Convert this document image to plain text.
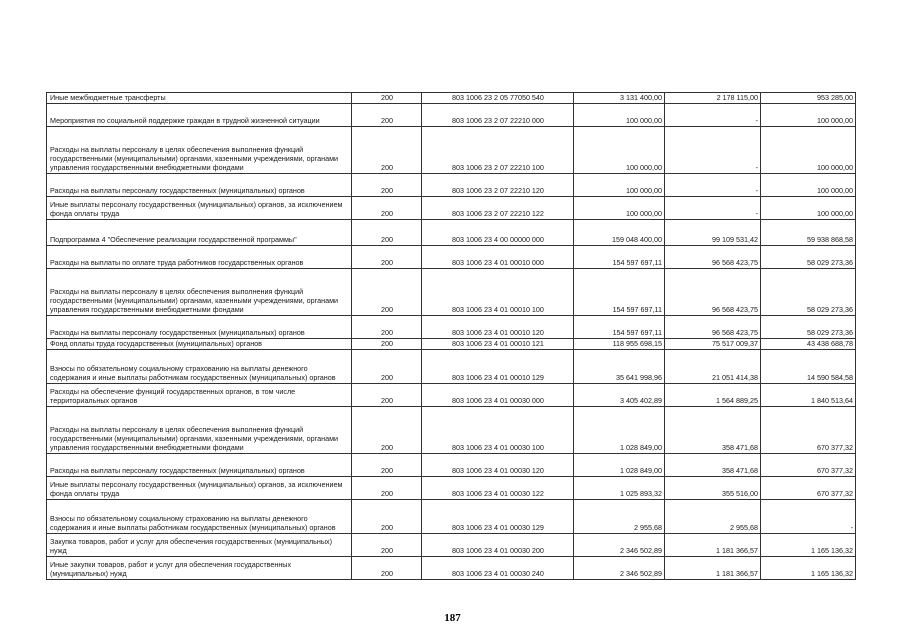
Иные межбюджетные трансферты	200	803 1006 23 2 05 77050 540	3 131 400,00	2 178 115,00	953 285,00
Мероприятия по социальной поддержке граждан в трудной жизненной ситуации	200	803 1006 23 2 07 22210 000	100 000,00	-	100 000,00
Расходы на выплаты персоналу в целях обеспечения выполнения функций государственными (муниципальными) органами, казенными учреждениями, органами управления государственными внебюджетными фондами	200	803 1006 23 2 07 22210 100	100 000,00	-	100 000,00
Расходы на выплаты персоналу государственных (муниципальных) органов	200	803 1006 23 2 07 22210 120	100 000,00	-	100 000,00
Иные выплаты персоналу государственных (муниципальных) органов, за исключением фонда оплаты труда	200	803 1006 23 2 07 22210 122	100 000,00	-	100 000,00
Подпрограмма 4 "Обеспечение реализации государственной программы"	200	803 1006 23 4 00 00000 000	159 048 400,00	99 109 531,42	59 938 868,58
Расходы на выплаты по оплате труда работников государственных органов	200	803 1006 23 4 01 00010 000	154 597 697,11	96 568 423,75	58 029 273,36
Расходы на выплаты персоналу в целях обеспечения выполнения функций государственными (муниципальными) органами, казенными учреждениями, органами управления государственными внебюджетными фондами	200	803 1006 23 4 01 00010 100	154 597 697,11	96 568 423,75	58 029 273,36
Расходы на выплаты персоналу государственных (муниципальных) органов	200	803 1006 23 4 01 00010 120	154 597 697,11	96 568 423,75	58 029 273,36
Фонд оплаты труда государственных (муниципальных) органов	200	803 1006 23 4 01 00010 121	118 955 698,15	75 517 009,37	43 438 688,78
Взносы по обязательному социальному страхованию на выплаты денежного содержания и иные выплаты работникам государственных (муниципальных) органов	200	803 1006 23 4 01 00010 129	35 641 998,96	21 051 414,38	14 590 584,58
Расходы на обеспечение функций государственных органов, в том числе территориальных органов	200	803 1006 23 4 01 00030 000	3 405 402,89	1 564 889,25	1 840 513,64
Расходы на выплаты персоналу в целях обеспечения выполнения функций государственными (муниципальными) органами, казенными учреждениями, органами управления государственными внебюджетными фондами	200	803 1006 23 4 01 00030 100	1 028 849,00	358 471,68	670 377,32
Расходы на выплаты персоналу государственных (муниципальных) органов	200	803 1006 23 4 01 00030 120	1 028 849,00	358 471,68	670 377,32
Иные выплаты персоналу государственных (муниципальных) органов, за исключением фонда оплаты труда	200	803 1006 23 4 01 00030 122	1 025 893,32	355 516,00	670 377,32
Взносы по обязательному социальному страхованию на выплаты денежного содержания и иные выплаты работникам государственных (муниципальных) органов	200	803 1006 23 4 01 00030 129	2 955,68	2 955,68	-
Закупка товаров, работ и услуг для обеспечения государственных (муниципальных) нужд	200	803 1006 23 4 01 00030 200	2 346 502,89	1 181 366,57	1 165 136,32
Иные закупки товаров, работ и услуг для обеспечения государственных (муниципальных) нужд	200	803 1006 23 4 01 00030 240	2 346 502,89	1 181 366,57	1 165 136,32
187
